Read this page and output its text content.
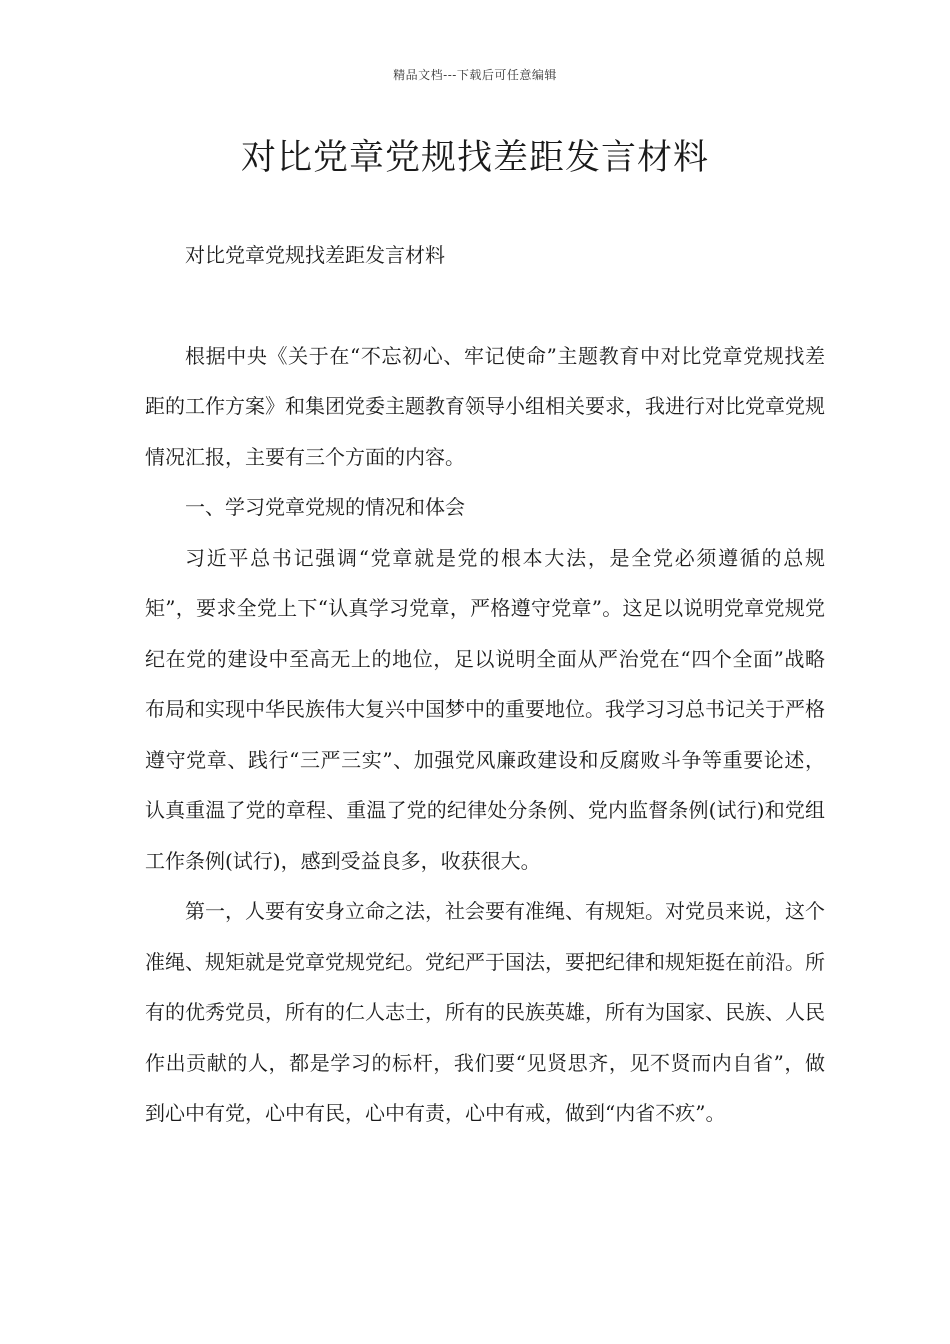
精品文档---下载后可任意编辑
对比党章党规找差距发言材料

对比党章党规找差距发言材料

根据中央《关于在“不忘初心、牢记使命”主题教育中对比党章党规找差距的工作方案》和集团党委主题教育领导小组相关要求，我进行对比党章党规情况汇报，主要有三个方面的内容。

一、学习党章党规的情况和体会

习近平总书记强调“党章就是党的根本大法，是全党必须遵循的总规矩”，要求全党上下“认真学习党章，严格遵守党章”。这足以说明党章党规党纪在党的建设中至高无上的地位，足以说明全面从严治党在“四个全面”战略布局和实现中华民族伟大复兴中国梦中的重要地位。我学习习总书记关于严格遵守党章、践行“三严三实”、加强党风廉政建设和反腐败斗争等重要论述，认真重温了党的章程、重温了党的纪律处分条例、党内监督条例(试行)和党组工作条例(试行)，感到受益良多，收获很大。

第一，人要有安身立命之法，社会要有准绳、有规矩。对党员来说，这个准绳、规矩就是党章党规党纪。党纪严于国法，要把纪律和规矩挺在前沿。所有的优秀党员，所有的仁人志士，所有的民族英雄，所有为国家、民族、人民作出贡献的人，都是学习的标杆，我们要“见贤思齐，见不贤而内自省”，做到心中有党，心中有民，心中有责，心中有戒，做到“内省不疚”。
